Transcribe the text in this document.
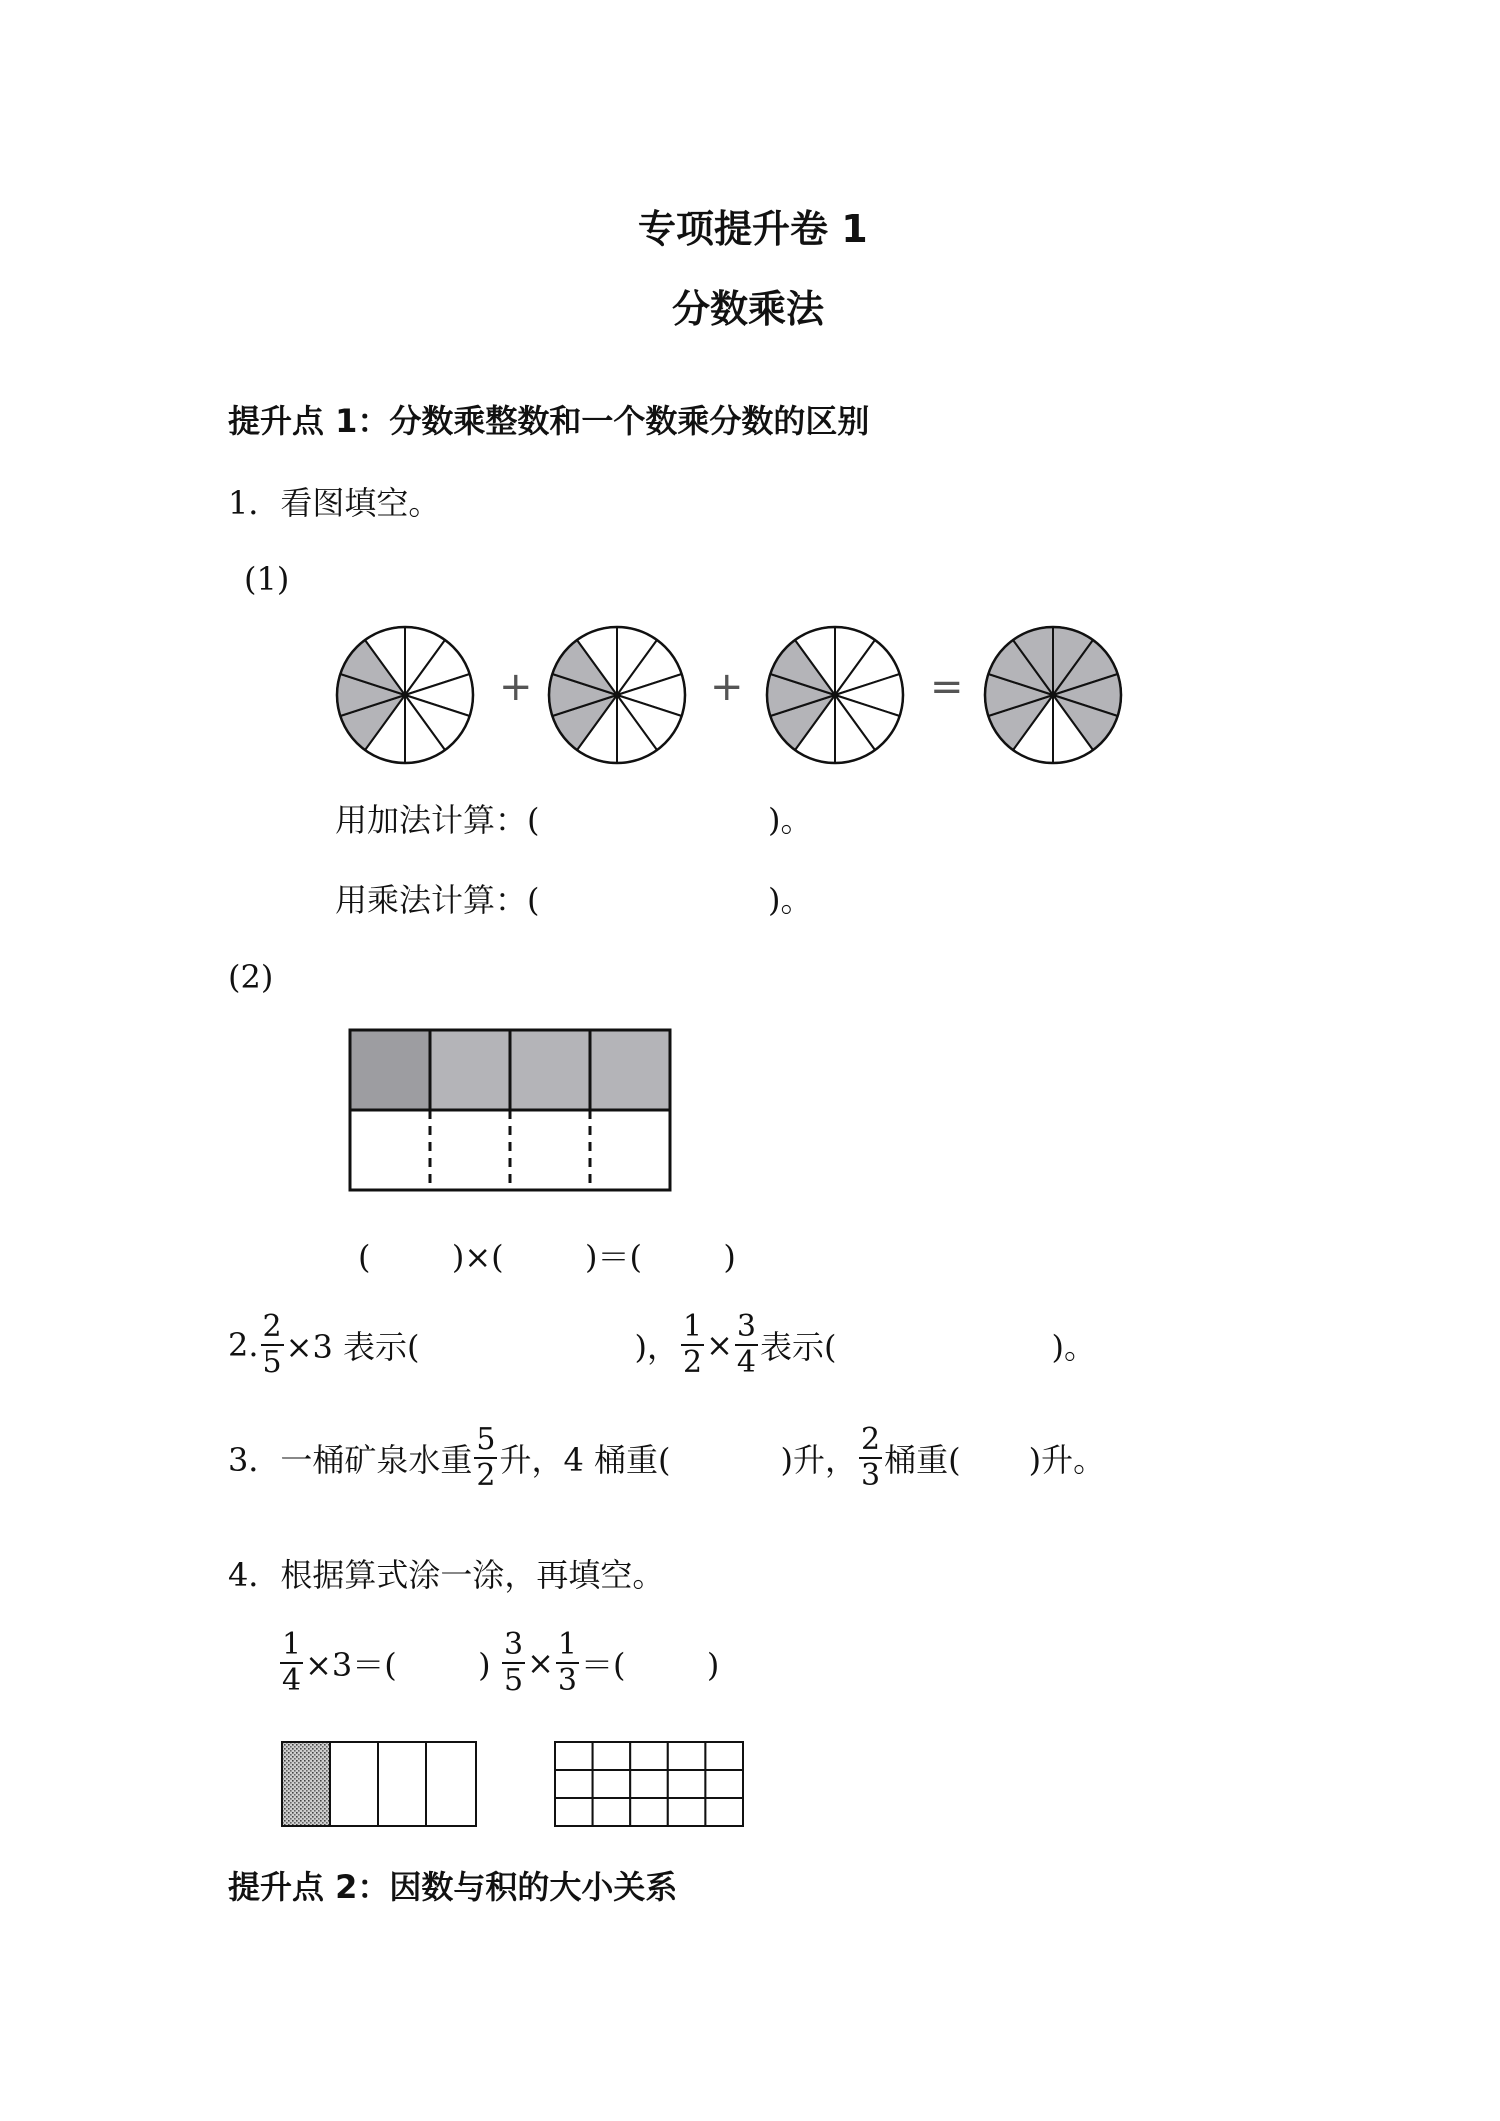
专项提升卷 1
分数乘法
提升点 1：分数乘整数和一个数乘分数的区别
1．看图填空。
(1)
+	+	=
用加法计算：(	)。
用乘法计算：(	)。
(2)
(        )×(        )＝(        )
2. $\frac{2}{5} \times 3$ 表示(	)， $\frac{1}{2} \times \frac{3}{4}$ 表示(	)。
3．一桶矿泉水重 $\frac{5}{2}$ 升，4 桶重(	)升， $\frac{2}{3}$ 桶重( )升。
4．根据算式涂一涂，再填空。
$\frac{1}{4} \times 3=$(        ) $\frac{3}{5} \times \frac{1}{3}$ ＝(        )
提升点 2：因数与积的大小关系
